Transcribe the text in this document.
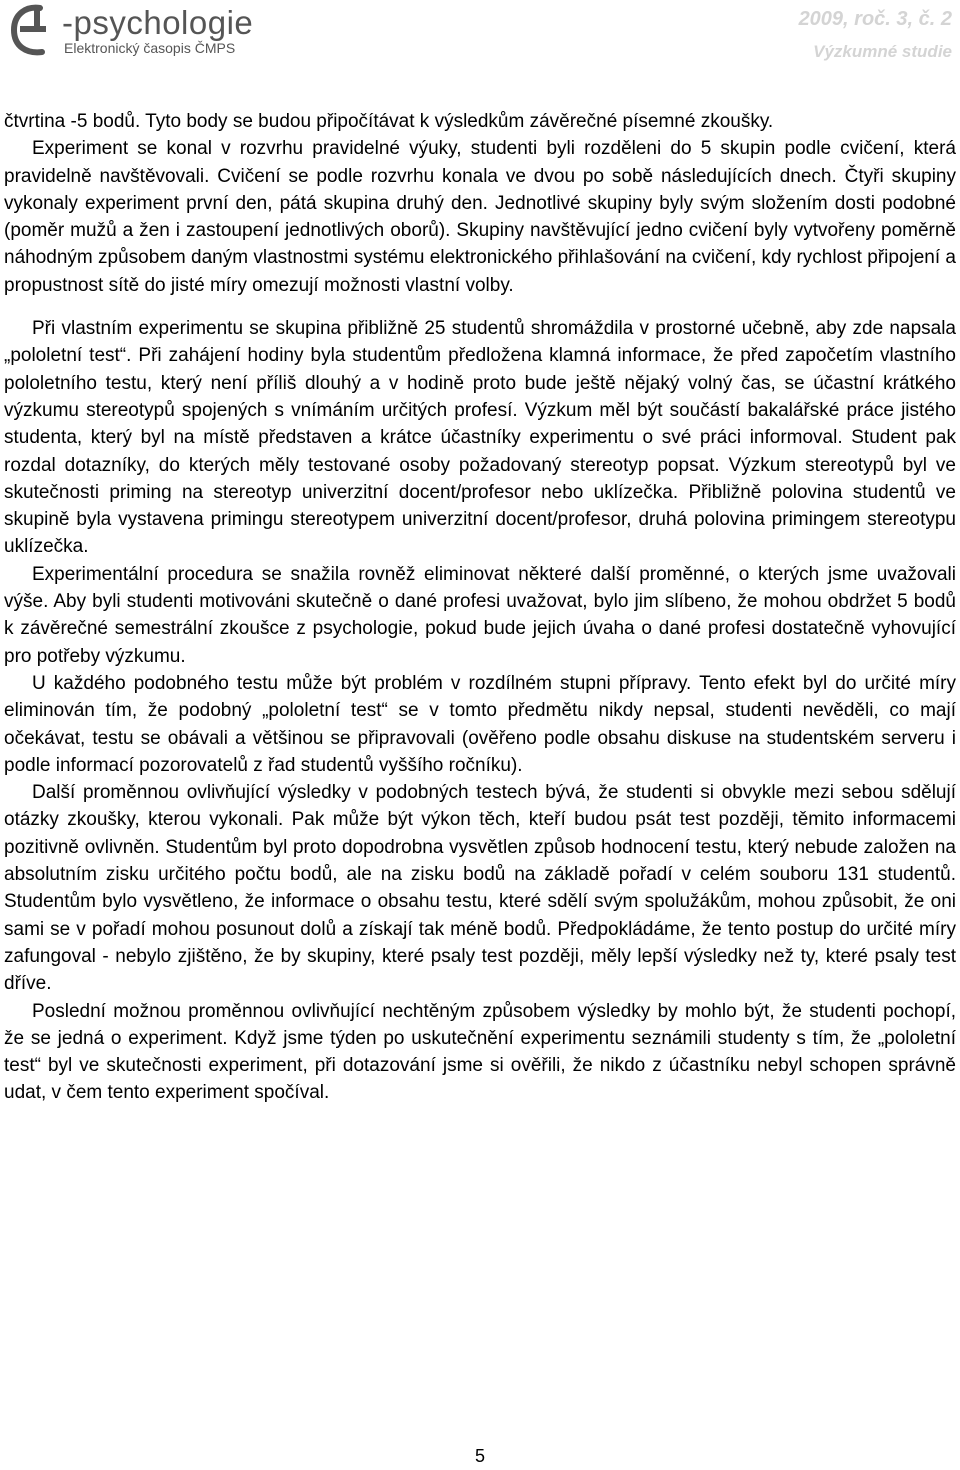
-psychologie
Elektronický časopis ČMPS
2009, roč. 3, č. 2
Výzkumné studie

čtvrtina -5 bodů. Tyto body se budou připočítávat k výsledkům závěrečné písemné zkoušky.

Experiment se konal v rozvrhu pravidelné výuky, studenti byli rozděleni do 5 skupin podle cvičení, která pravidelně navštěvovali. Cvičení se podle rozvrhu konala ve dvou po sobě následujících dnech. Čtyři skupiny vykonaly experiment první den, pátá skupina druhý den. Jednotlivé skupiny byly svým složením dosti podobné (poměr mužů a žen i zastoupení jednotlivých oborů). Skupiny navštěvující jedno cvičení byly vytvořeny poměrně náhodným způsobem daným vlastnostmi systému elektronického přihlašování na cvičení, kdy rychlost připojení a propustnost sítě do jisté míry omezují možnosti vlastní volby.

Při vlastním experimentu se skupina přibližně 25 studentů shromáždila v prostorné učebně, aby zde napsala „pololetní test“. Při zahájení hodiny byla studentům předložena klamná informace, že před započetím vlastního pololetního testu, který není příliš dlouhý a v hodině proto bude ještě nějaký volný čas, se účastní krátkého výzkumu stereotypů spojených s vnímáním určitých profesí. Výzkum měl být součástí bakalářské práce jistého studenta, který byl na místě představen a krátce účastníky experimentu o své práci informoval. Student pak rozdal dotazníky, do kterých měly testované osoby požadovaný stereotyp popsat. Výzkum stereotypů byl ve skutečnosti priming na stereotyp univerzitní docent/profesor nebo uklízečka. Přibližně polovina studentů ve skupině byla vystavena primingu stereotypem univerzitní docent/profesor, druhá polovina primingem stereotypu uklízečka.

Experimentální procedura se snažila rovněž eliminovat některé další proměnné, o kterých jsme uvažovali výše. Aby byli studenti motivováni skutečně o dané profesi uvažovat, bylo jim slíbeno, že mohou obdržet 5 bodů k závěrečné semestrální zkoušce z psychologie, pokud bude jejich úvaha o dané profesi dostatečně vyhovující pro potřeby výzkumu.

U každého podobného testu může být problém v rozdílném stupni přípravy. Tento efekt byl do určité míry eliminován tím, že podobný „pololetní test“ se v tomto předmětu nikdy nepsal, studenti nevěděli, co mají očekávat, testu se obávali a většinou se připravovali (ověřeno podle obsahu diskuse na studentském serveru i podle informací pozorovatelů z řad studentů vyššího ročníku).

Další proměnnou ovlivňující výsledky v podobných testech bývá, že studenti si obvykle mezi sebou sdělují otázky zkoušky, kterou vykonali. Pak může být výkon těch, kteří budou psát test později, těmito informacemi pozitivně ovlivněn. Studentům byl proto dopodrobna vysvětlen způsob hodnocení testu, který nebude založen na absolutním zisku určitého počtu bodů, ale na zisku bodů na základě pořadí v celém souboru 131 studentů. Studentům bylo vysvětleno, že informace o obsahu testu, které sdělí svým spolužákům, mohou způsobit, že oni sami se v pořadí mohou posunout dolů a získají tak méně bodů. Předpokládáme, že tento postup do určité míry zafungoval - nebylo zjištěno, že by skupiny, které psaly test později, měly lepší výsledky než ty, které psaly test dříve.

Poslední možnou proměnnou ovlivňující nechtěným způsobem výsledky by mohlo být, že studenti pochopí, že se jedná o experiment. Když jsme týden po uskutečnění experimentu seznámili studenty s tím, že „pololetní test“ byl ve skutečnosti experiment, při dotazování jsme si ověřili, že nikdo z účastníku nebyl schopen správně udat, v čem tento experiment spočíval.

5
